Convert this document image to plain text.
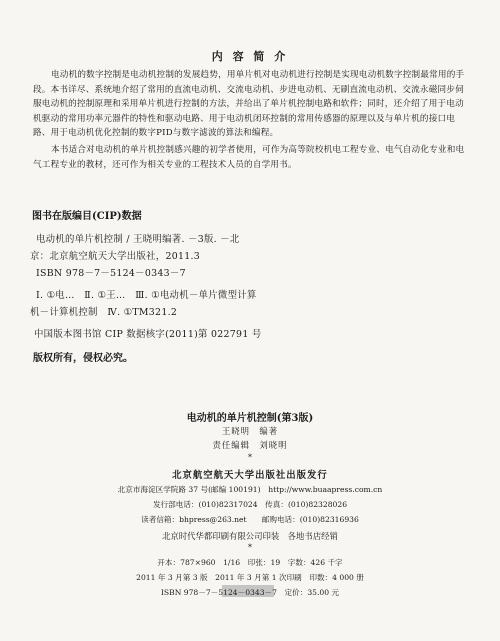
内 容 简 介
电动机的数字控制是电动机控制的发展趋势，用单片机对电动机进行控制是实现电动机数字控制最常用的手段。本书详尽、系统地介绍了常用的直流电动机、交流电动机、步进电动机、无刷直流电动机、交流永磁同步伺服电动机的控制原理和采用单片机进行控制的方法，并给出了单片机控制电路和软件；同时，还介绍了用于电动机驱动的常用功率元器件的特性和驱动电路、用于电动机闭环控制的常用传感器的原理以及与单片机的接口电路、用于电动机优化控制的数字PID与数字滤波的算法和编程。
本书适合对电动机的单片机控制感兴趣的初学者使用，可作为高等院校机电工程专业、电气自动化专业和电气工程专业的教材，还可作为相关专业的工程技术人员的自学用书。
图书在版编目(CIP)数据
电动机的单片机控制 / 王晓明编著. －3版. －北
京：北京航空航天大学出版社，2011.3
ISBN 978－7－5124－0343－7
Ⅰ. ①电…　Ⅱ. ①王…　Ⅲ. ①电动机－单片微型计算
机－计算机控制　Ⅳ. ①TM321.2
中国版本图书馆 CIP 数据核字(2011)第 022791 号
版权所有，侵权必究。
电动机的单片机控制(第3版)
王晓明　编著
责任编辑　刘晓明
*
北京航空航天大学出版社出版发行
北京市海淀区学院路 37 号(邮编 100191)　http://www.buaapress.com.cn
发行部电话：(010)82317024　传真：(010)82328026
读者信箱：bhpress@263.net　　邮购电话：(010)82316936
北京时代华都印刷有限公司印装　各地书店经销
*
开本：787×960　1/16　印张：19　字数：426 千字
2011 年 3 月第 3 版　2011 年 3 月第 1 次印刷　印数：4 000 册
ISBN 978－7－5124－0343－7　定价：35.00 元
